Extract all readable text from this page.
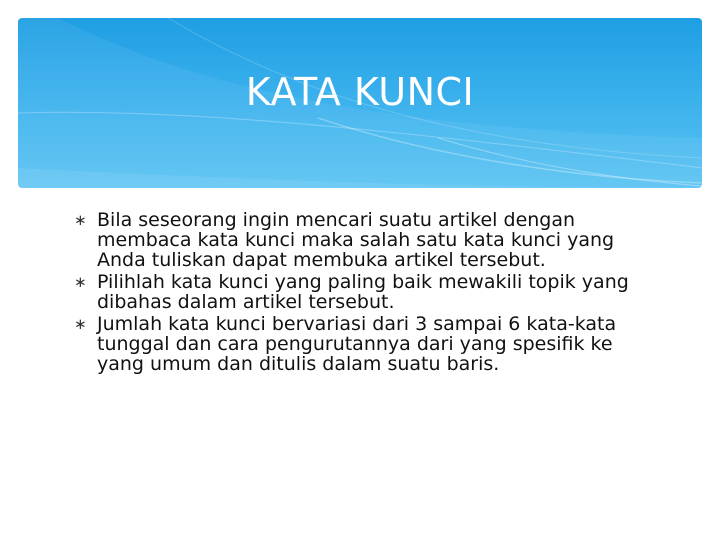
KATA KUNCI
∗ Bila seseorang ingin mencari suatu artikel dengan membaca kata kunci maka salah satu kata kunci yang Anda tuliskan dapat membuka artikel tersebut.
∗ Pilihlah kata kunci yang paling baik mewakili topik yang dibahas dalam artikel tersebut.
∗ Jumlah kata kunci bervariasi dari 3 sampai 6 kata-kata tunggal dan cara pengurutannya dari yang spesifik ke yang umum dan ditulis dalam suatu baris.
